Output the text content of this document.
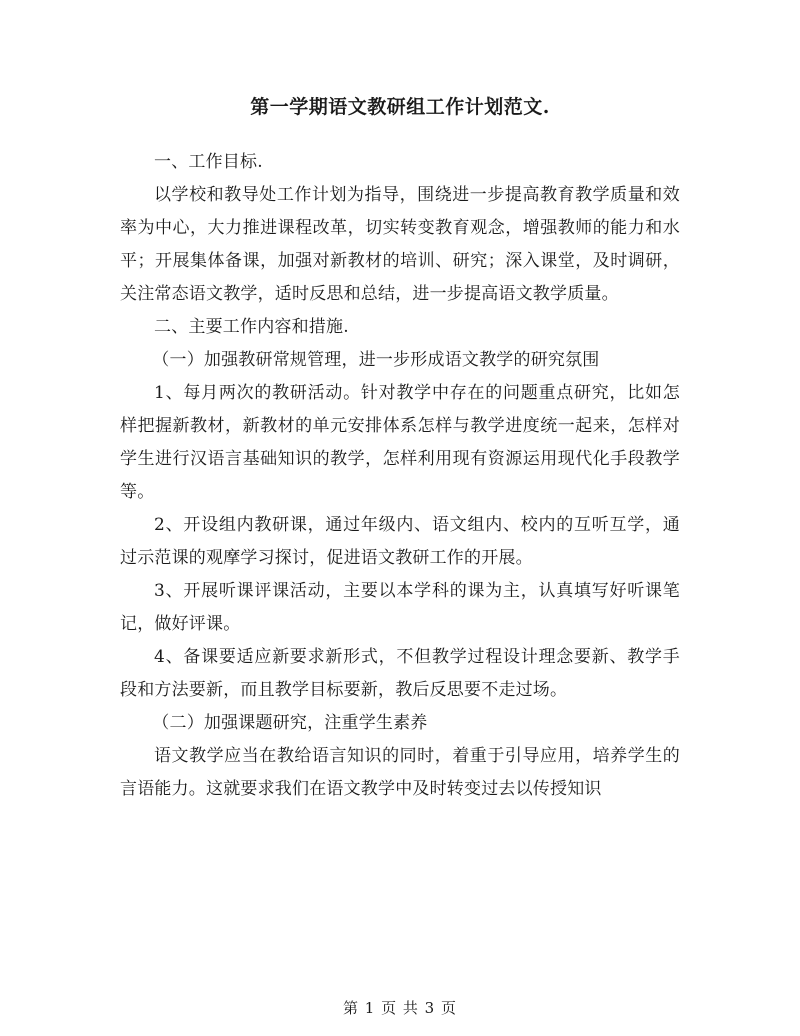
第一学期语文教研组工作计划范文.

一、工作目标.

以学校和教导处工作计划为指导，围绕进一步提高教育教学质量和效率为中心，大力推进课程改革，切实转变教育观念，增强教师的能力和水平；开展集体备课，加强对新教材的培训、研究；深入课堂，及时调研，关注常态语文教学，适时反思和总结，进一步提高语文教学质量。

二、主要工作内容和措施.

（一）加强教研常规管理，进一步形成语文教学的研究氛围

1、每月两次的教研活动。针对教学中存在的问题重点研究，比如怎样把握新教材，新教材的单元安排体系怎样与教学进度统一起来，怎样对学生进行汉语言基础知识的教学，怎样利用现有资源运用现代化手段教学等。

2、开设组内教研课，通过年级内、语文组内、校内的互听互学，通过示范课的观摩学习探讨，促进语文教研工作的开展。

3、开展听课评课活动，主要以本学科的课为主，认真填写好听课笔记，做好评课。

4、备课要适应新要求新形式，不但教学过程设计理念要新、教学手段和方法要新，而且教学目标要新，教后反思要不走过场。

（二）加强课题研究，注重学生素养

语文教学应当在教给语言知识的同时，着重于引导应用，培养学生的言语能力。这就要求我们在语文教学中及时转变过去以传授知识

第 1 页 共 3 页
